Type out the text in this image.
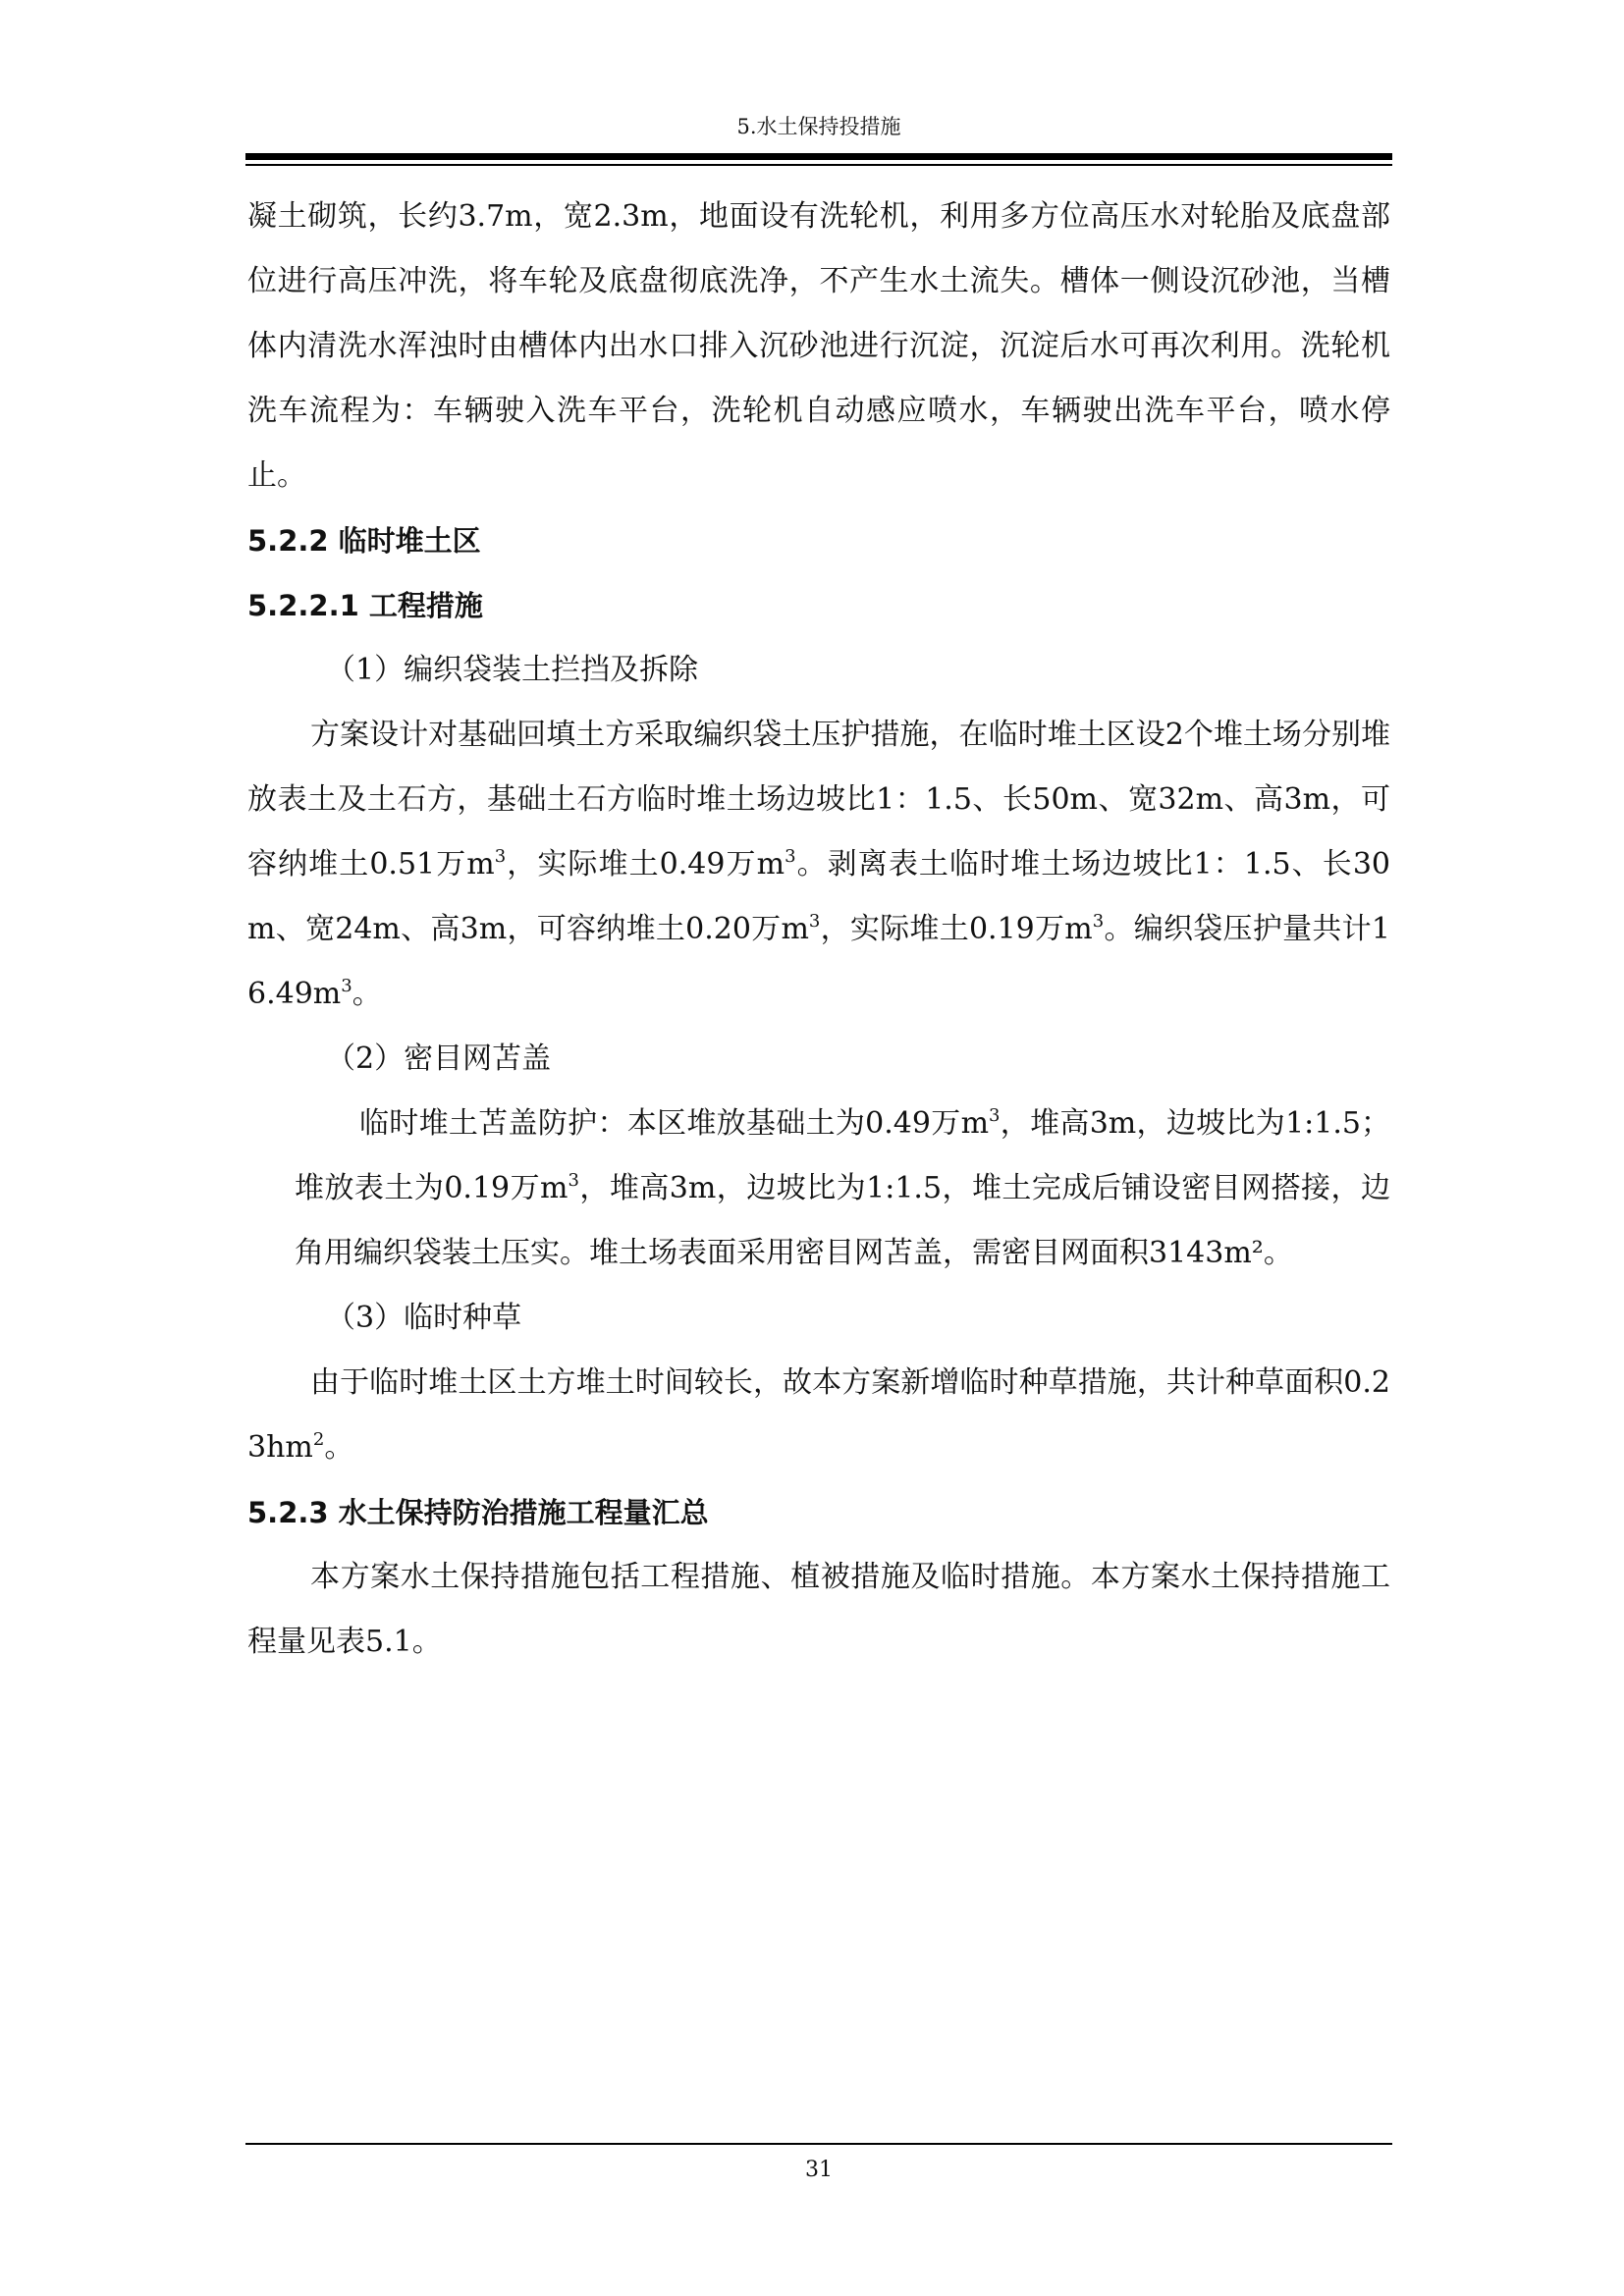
5.水土保持投措施

凝土砌筑，长约3.7m，宽2.3m，地面设有洗轮机，利用多方位高压水对轮胎及底盘部位进行高压冲洗，将车轮及底盘彻底洗净，不产生水土流失。槽体一侧设沉砂池，当槽体内清洗水浑浊时由槽体内出水口排入沉砂池进行沉淀，沉淀后水可再次利用。洗轮机洗车流程为：车辆驶入洗车平台，洗轮机自动感应喷水，车辆驶出洗车平台，喷水停止。

5.2.2 临时堆土区

5.2.2.1 工程措施

（1）编织袋装土拦挡及拆除

方案设计对基础回填土方采取编织袋土压护措施，在临时堆土区设2个堆土场分别堆放表土及土石方，基础土石方临时堆土场边坡比1：1.5、长50m、宽32m、高3m，可容纳堆土0.51万$m^3$，实际堆土0.49万$m^3$。剥离表土临时堆土场边坡比1：1.5、长30m、宽24m、高3m，可容纳堆土0.20万$m^3$，实际堆土0.19万$m^3$。编织袋压护量共计$16.49m^3$。

（2）密目网苫盖

临时堆土苫盖防护：本区堆放基础土为0.49万$m^3$，堆高3m，边坡比为1:1.5；堆放表土为0.19万$m^3$，堆高3m，边坡比为1:1.5，堆土完成后铺设密目网搭接，边角用编织袋装土压实。堆土场表面采用密目网苫盖，需密目网面积3143m²。

（3）临时种草

由于临时堆土区土方堆土时间较长，故本方案新增临时种草措施，共计种草面积$0.23hm^2$。

5.2.3 水土保持防治措施工程量汇总

本方案水土保持措施包括工程措施、植被措施及临时措施。本方案水土保持措施工程量见表5.1。

31
